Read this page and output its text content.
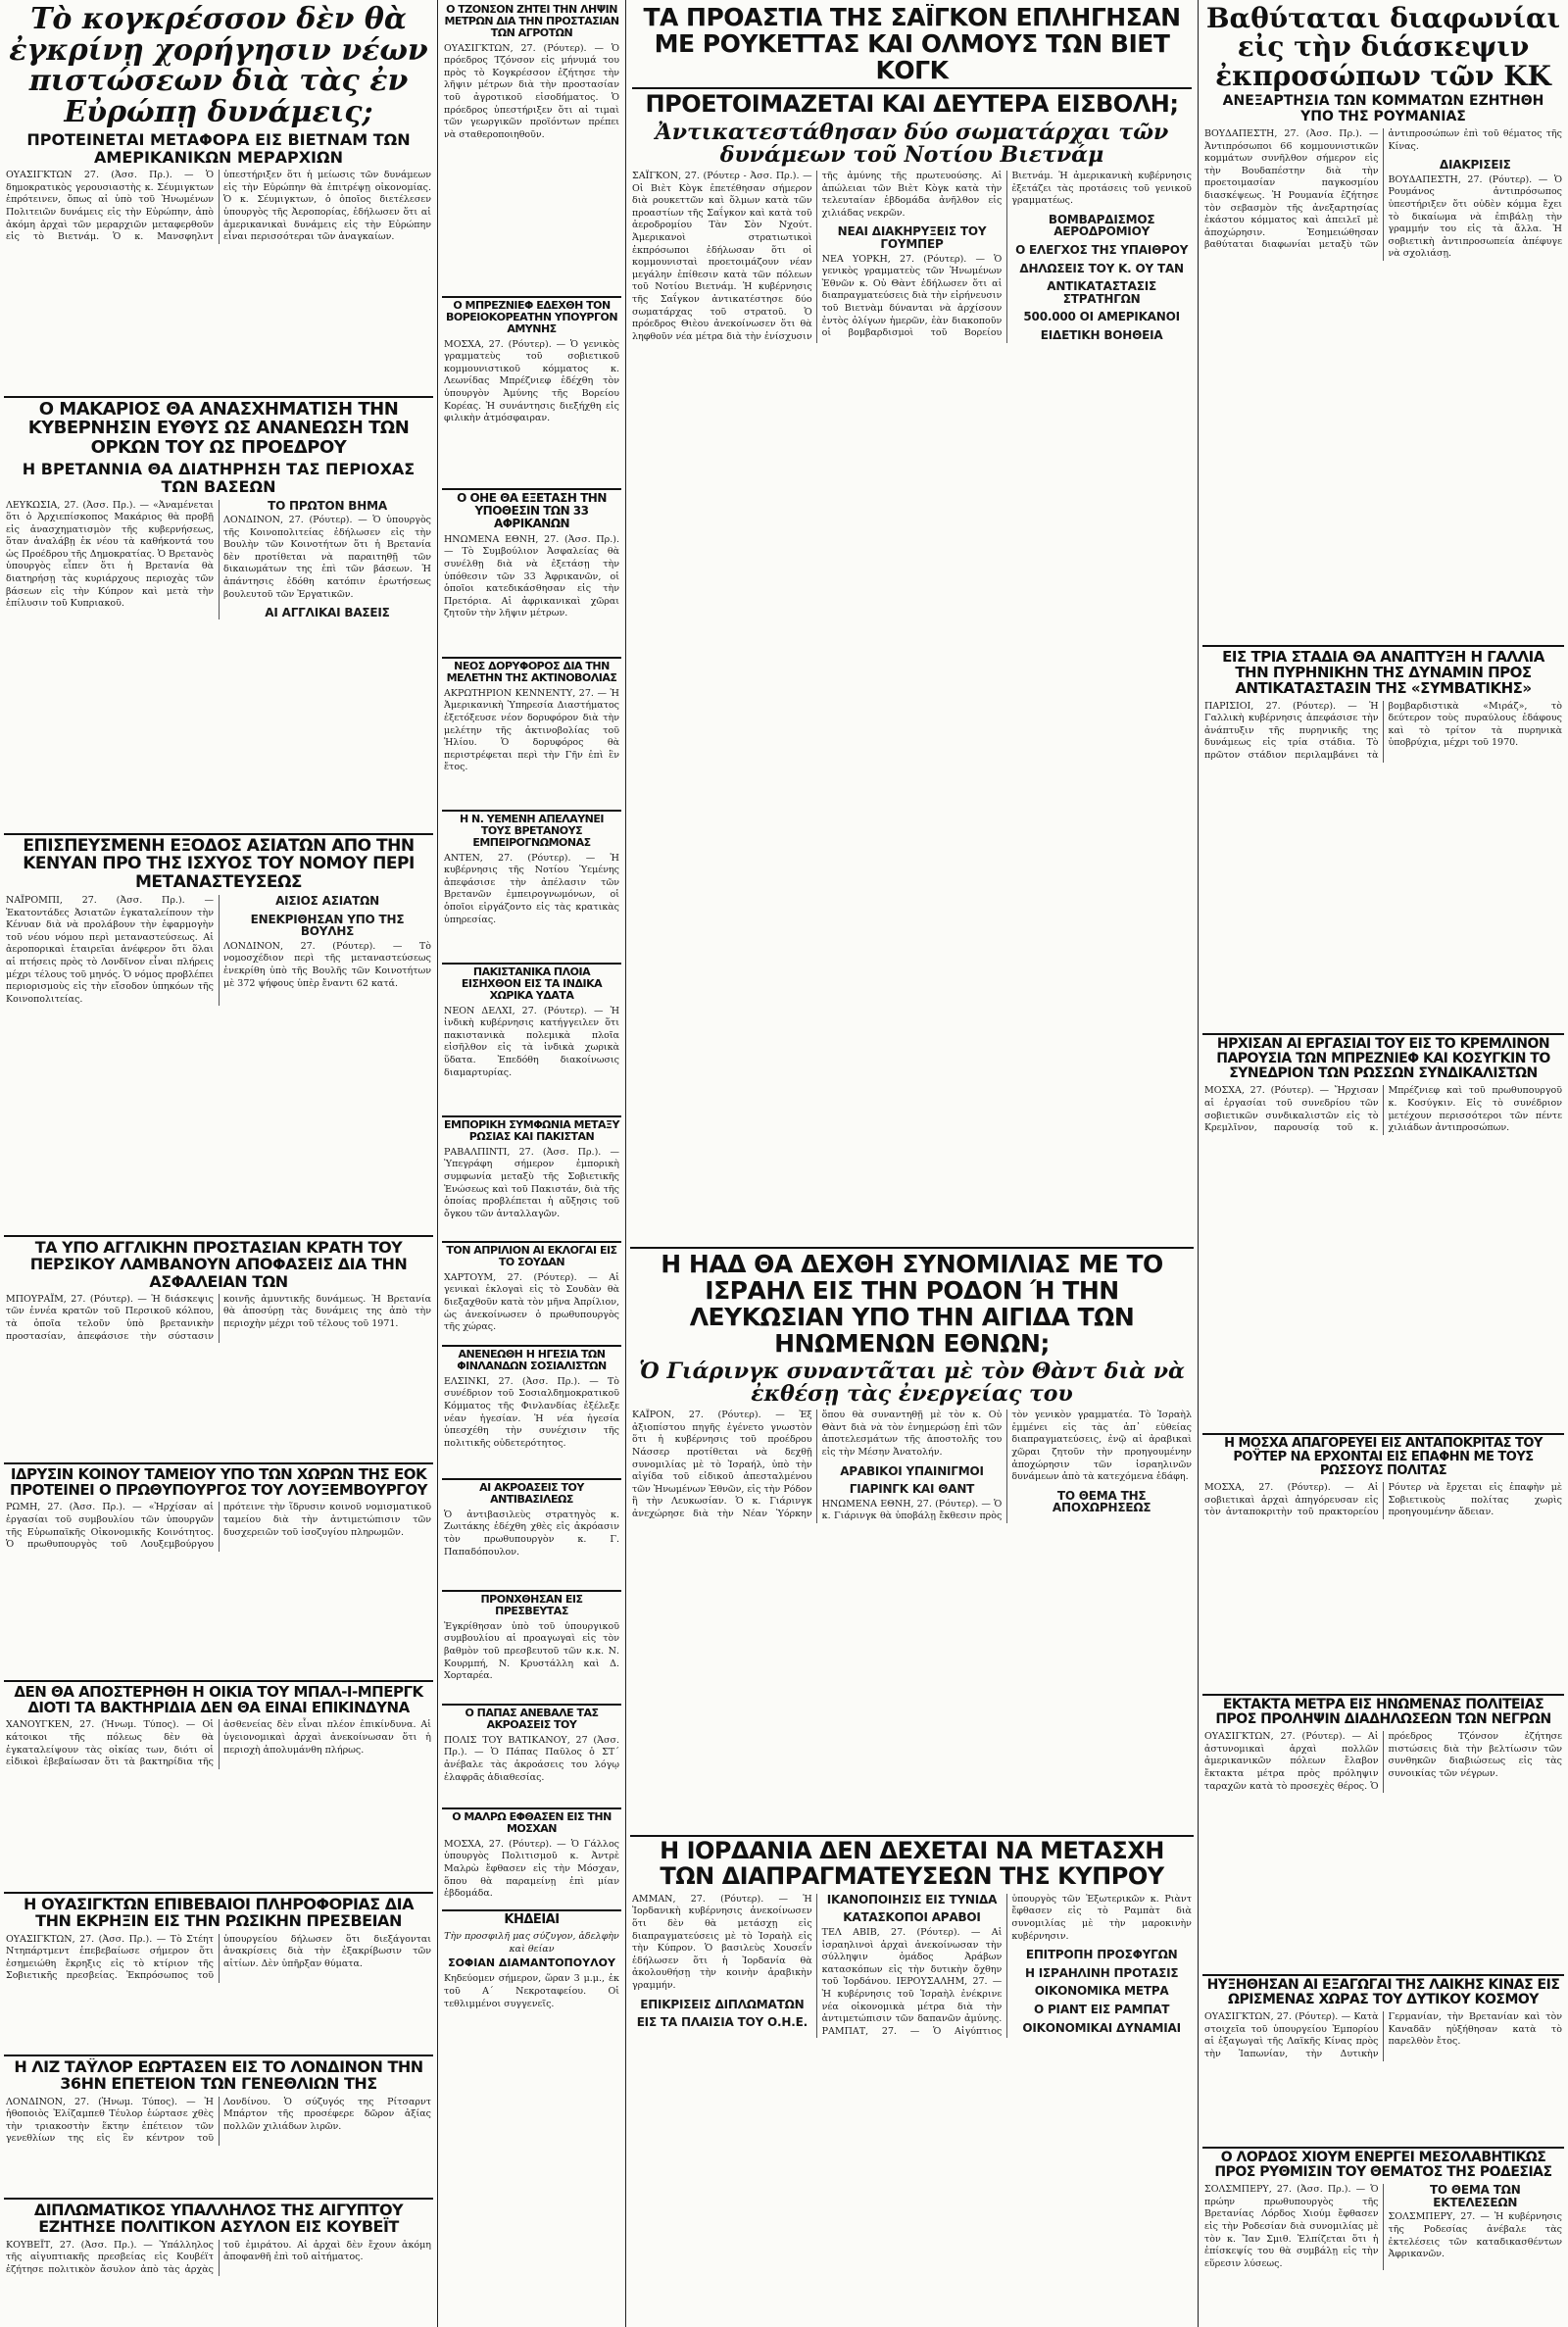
Τὸ κογκρέσσον δὲν θὰ ἐγκρίνῃ χορήγησιν νέων πιστώσεων διὰ τὰς ἐν Εὐρώπῃ δυνάμεις;
ΠΡΟΤΕΙΝΕΤΑΙ ΜΕΤΑΦΟΡΑ ΕΙΣ ΒΙΕΤΝΑΜ ΤΩΝ ΑΜΕΡΙΚΑΝΙΚΩΝ ΜΕΡΑΡΧΙΩΝ
ΟΥΑΣΙΓΚΤΩΝ 27. (Ἀσσ. Πρ.). — Ὁ δημοκρατικὸς γερουσιαστὴς κ. Σέυμιγκτων ἐπρότεινεν, ὅπως αἱ ὑπὸ τοῦ Ἡνωμένων Πολιτειῶν δυνάμεις εἰς τὴν Εὐρώπην, ἀπὸ ἀκόμη ἀρχαὶ τῶν μεραρχιῶν μεταφερθοῦν εἰς τὸ Βιετνάμ. Ὁ κ. Μανσφηλντ ὑπεστήριξεν ὅτι ἡ μείωσις τῶν δυνάμεων εἰς τὴν Εὐρώπην θὰ ἐπιτρέψῃ οἰκονομίας. Ὁ κ. Σέυμιγκτων, ὁ ὁποῖος διετέλεσεν ὑπουργὸς τῆς Ἀεροπορίας, ἐδήλωσεν ὅτι αἱ ἀμερικανικαὶ δυνάμεις εἰς τὴν Εὐρώπην εἶναι περισσότεραι τῶν ἀναγκαίων.
Ο ΜΑΚΑΡΙΟΣ ΘΑ ΑΝΑΣΧΗΜΑΤΙΣΗ ΤΗΝ ΚΥΒΕΡΝΗΣΙΝ ΕΥΘΥΣ ΩΣ ΑΝΑΝΕΩΣΗ ΤΩΝ ΟΡΚΩΝ ΤΟΥ ΩΣ ΠΡΟΕΔΡΟΥ
Η ΒΡΕΤΑΝΝΙΑ ΘΑ ΔΙΑΤΗΡΗΣΗ ΤΑΣ ΠΕΡΙΟΧΑΣ ΤΩΝ ΒΑΣΕΩΝ
ΛΕΥΚΩΣΙΑ, 27. (Ἀσσ. Πρ.). — «Ἀναμένεται ὅτι ὁ Ἀρχιεπίσκοπος Μακάριος θὰ προβῇ εἰς ἀνασχηματισμὸν τῆς κυβερνήσεως, ὅταν ἀναλάβῃ ἐκ νέου τὰ καθήκοντά του ὡς Προέδρου τῆς Δημοκρατίας. Ὁ Βρετανὸς ὑπουργὸς εἶπεν ὅτι ἡ Βρετανία θὰ διατηρήσῃ τὰς κυριάρχους περιοχὰς τῶν βάσεων εἰς τὴν Κύπρον καὶ μετὰ τὴν ἐπίλυσιν τοῦ Κυπριακοῦ.
ΤΟ ΠΡΩΤΟΝ ΒΗΜΑ
ΛΟΝΔΙΝΟΝ, 27. (Ρόυτερ). — Ὁ ὑπουργὸς τῆς Κοινοπολιτείας ἐδήλωσεν εἰς τὴν Βουλὴν τῶν Κοινοτήτων ὅτι ἡ Βρετανία δὲν προτίθεται νὰ παραιτηθῇ τῶν δικαιωμάτων της ἐπὶ τῶν βάσεων. Ἡ ἀπάντησις ἐδόθη κατόπιν ἐρωτήσεως βουλευτοῦ τῶν Ἐργατικῶν.
ΑΙ ΑΓΓΛΙΚΑΙ ΒΑΣΕΙΣ
ΕΠΙΣΠΕΥΣΜΕΝΗ ΕΞΟΔΟΣ ΑΣΙΑΤΩΝ ΑΠΟ ΤΗΝ ΚΕΝΥΑΝ ΠΡΟ ΤΗΣ ΙΣΧΥΟΣ ΤΟΥ ΝΟΜΟΥ ΠΕΡΙ ΜΕΤΑΝΑΣΤΕΥΣΕΩΣ
ΝΑΪΡΟΜΠΙ, 27. (Ἀσσ. Πρ.). — Ἑκατοντάδες Ἀσιατῶν ἐγκαταλείπουν τὴν Κένυαν διὰ νὰ προλάβουν τὴν ἐφαρμογὴν τοῦ νέου νόμου περὶ μεταναστεύσεως. Αἱ ἀεροπορικαὶ ἑταιρεῖαι ἀνέφερον ὅτι ὅλαι αἱ πτήσεις πρὸς τὸ Λονδῖνον εἶναι πλήρεις μέχρι τέλους τοῦ μηνός. Ὁ νόμος προβλέπει περιορισμοὺς εἰς τὴν εἴσοδον ὑπηκόων τῆς Κοινοπολιτείας.
ΑΙΣΙΟΣ ΑΣΙΑΤΩΝ
ΕΝΕΚΡΙΘΗΣΑΝ ΥΠΟ ΤΗΣ ΒΟΥΛΗΣ
ΛΟΝΔΙΝΟΝ, 27. (Ρόυτερ). — Τὸ νομοσχέδιον περὶ τῆς μεταναστεύσεως ἐνεκρίθη ὑπὸ τῆς Βουλῆς τῶν Κοινοτήτων μὲ 372 ψήφους ὑπὲρ ἔναντι 62 κατά.
ΤΑ ΥΠΟ ΑΓΓΛΙΚΗΝ ΠΡΟΣΤΑΣΙΑΝ ΚΡΑΤΗ ΤΟΥ ΠΕΡΣΙΚΟΥ ΛΑΜΒΑΝΟΥΝ ΑΠΟΦΑΣΕΙΣ ΔΙΑ ΤΗΝ ΑΣΦΑΛΕΙΑΝ ΤΩΝ
ΜΠΟΥΡΑΪΜ, 27. (Ρόυτερ). — Ἡ διάσκεψις τῶν ἐννέα κρατῶν τοῦ Περσικοῦ κόλπου, τὰ ὁποῖα τελοῦν ὑπὸ βρετανικὴν προστασίαν, ἀπεφάσισε τὴν σύστασιν κοινῆς ἀμυντικῆς δυνάμεως. Ἡ Βρετανία θὰ ἀποσύρῃ τὰς δυνάμεις της ἀπὸ τὴν περιοχὴν μέχρι τοῦ τέλους τοῦ 1971.
ΙΔΡΥΣΙΝ ΚΟΙΝΟΥ ΤΑΜΕΙΟΥ ΥΠΟ ΤΩΝ ΧΩΡΩΝ ΤΗΣ ΕΟΚ ΠΡΟΤΕΙΝΕΙ Ο ΠΡΩΘΥΠΟΥΡΓΟΣ ΤΟΥ ΛΟΥΞΕΜΒΟΥΡΓΟΥ
ΡΩΜΗ, 27. (Ἀσσ. Πρ.). — «Ἠρχίσαν αἱ ἐργασίαι τοῦ συμβουλίου τῶν ὑπουργῶν τῆς Εὐρωπαϊκῆς Οἰκονομικῆς Κοινότητος. Ὁ πρωθυπουργὸς τοῦ Λουξεμβούργου πρότεινε τὴν ἵδρυσιν κοινοῦ νομισματικοῦ ταμείου διὰ τὴν ἀντιμετώπισιν τῶν δυσχερειῶν τοῦ ἰσοζυγίου πληρωμῶν.
ΔΕΝ ΘΑ ΑΠΟΣΤΕΡΗΘΗ Η ΟΙΚΙΑ ΤΟΥ ΜΠΑΛ-Ι-ΜΠΕΡΓΚ ΔΙΟΤΙ ΤΑ ΒΑΚΤΗΡΙΔΙΑ ΔΕΝ ΘΑ ΕΙΝΑΙ ΕΠΙΚΙΝΔΥΝΑ
ΧΑΝΟΥΓΚΕΝ, 27. (Ἡνωμ. Τύπος). — Οἱ κάτοικοι τῆς πόλεως δὲν θὰ ἐγκαταλείψουν τὰς οἰκίας των, διότι οἱ εἰδικοὶ ἐβεβαίωσαν ὅτι τὰ βακτηρίδια τῆς ἀσθενείας δὲν εἶναι πλέον ἐπικίνδυνα. Αἱ ὑγειονομικαὶ ἀρχαὶ ἀνεκοίνωσαν ὅτι ἡ περιοχὴ ἀπολυμάνθη πλήρως.
Η ΟΥΑΣΙΓΚΤΩΝ ΕΠΙΒΕΒΑΙΟΙ ΠΛΗΡΟΦΟΡΙΑΣ ΔΙΑ ΤΗΝ ΕΚΡΗΞΙΝ ΕΙΣ ΤΗΝ ΡΩΣΙΚΗΝ ΠΡΕΣΒΕΙΑΝ
ΟΥΑΣΙΓΚΤΩΝ, 27. (Ἀσσ. Πρ.). — Τὸ Στέητ Ντηπάρτμεντ ἐπεβεβαίωσε σήμερον ὅτι ἐσημειώθη ἔκρηξις εἰς τὸ κτίριον τῆς Σοβιετικῆς πρεσβείας. Ἐκπρόσωπος τοῦ ὑπουργείου δήλωσεν ὅτι διεξάγονται ἀνακρίσεις διὰ τὴν ἐξακρίβωσιν τῶν αἰτίων. Δὲν ὑπῆρξαν θύματα.
Η ΛΙΖ ΤΑΫΛΟΡ ΕΩΡΤΑΣΕΝ ΕΙΣ ΤΟ ΛΟΝΔΙΝΟΝ ΤΗΝ 36ΗΝ ΕΠΕΤΕΙΟΝ ΤΩΝ ΓΕΝΕΘΛΙΩΝ ΤΗΣ
ΛΟΝΔΙΝΟΝ, 27. (Ἡνωμ. Τύπος). — Ἡ ἠθοποιὸς Ἐλίζαμπεθ Τέυλορ ἑώρτασε χθὲς τὴν τριακοστὴν ἕκτην ἐπέτειον τῶν γενεθλίων της εἰς ἓν κέντρον τοῦ Λονδίνου. Ὁ σύζυγός της Ρίτσαρντ Μπάρτον τῆς προσέφερε δῶρον ἀξίας πολλῶν χιλιάδων λιρῶν.
ΔΙΠΛΩΜΑΤΙΚΟΣ ΥΠΑΛΛΗΛΟΣ ΤΗΣ ΑΙΓΥΠΤΟΥ ΕΖΗΤΗΣΕ ΠΟΛΙΤΙΚΟΝ ΑΣΥΛΟΝ ΕΙΣ ΚΟΥΒΕΪΤ
ΚΟΥΒΕΪΤ, 27. (Ἀσσ. Πρ.). — Ὑπάλληλος τῆς αἰγυπτιακῆς πρεσβείας εἰς Κουβέϊτ ἐζήτησε πολιτικὸν ἄσυλον ἀπὸ τὰς ἀρχὰς τοῦ ἐμιράτου. Αἱ ἀρχαὶ δὲν ἔχουν ἀκόμη ἀποφανθῆ ἐπὶ τοῦ αἰτήματος.
Ο ΤΖΟΝΣΟΝ ΖΗΤΕΙ ΤΗΝ ΛΗΨΙΝ ΜΕΤΡΩΝ ΔΙΑ ΤΗΝ ΠΡΟΣΤΑΣΙΑΝ ΤΩΝ ΑΓΡΟΤΩΝ
ΟΥΑΣΙΓΚΤΩΝ, 27. (Ρόυτερ). — Ὁ πρόεδρος Τζόνσον εἰς μήνυμά του πρὸς τὸ Κογκρέσσον ἐζήτησε τὴν λῆψιν μέτρων διὰ τὴν προστασίαν τοῦ ἀγροτικοῦ εἰσοδήματος. Ὁ πρόεδρος ὑπεστήριξεν ὅτι αἱ τιμαὶ τῶν γεωργικῶν προϊόντων πρέπει νὰ σταθεροποιηθοῦν.
Ο ΜΠΡΕΖΝΙΕΦ ΕΔΕΧΘΗ ΤΟΝ ΒΟΡΕΙΟΚΟΡΕΑΤΗΝ ΥΠΟΥΡΓΟΝ ΑΜΥΝΗΣ
ΜΟΣΧΑ, 27. (Ρόυτερ). — Ὁ γενικὸς γραμματεὺς τοῦ σοβιετικοῦ κομμουνιστικοῦ κόμματος κ. Λεωνίδας Μπρέζνιεφ ἐδέχθη τὸν ὑπουργὸν Ἀμύνης τῆς Βορείου Κορέας. Ἡ συνάντησις διεξήχθη εἰς φιλικὴν ἀτμόσφαιραν.
Ο ΟΗΕ ΘΑ ΕΞΕΤΑΣΗ ΤΗΝ ΥΠΟΘΕΣΙΝ ΤΩΝ 33 ΑΦΡΙΚΑΝΩΝ
ΗΝΩΜΕΝΑ ΕΘΝΗ, 27. (Ἀσσ. Πρ.). — Τὸ Συμβούλιον Ἀσφαλείας θὰ συνέλθῃ διὰ νὰ ἐξετάσῃ τὴν ὑπόθεσιν τῶν 33 Ἀφρικανῶν, οἱ ὁποῖοι κατεδικάσθησαν εἰς τὴν Πρετόρια. Αἱ ἀφρικανικαὶ χῶραι ζητοῦν τὴν λῆψιν μέτρων.
ΝΕΟΣ ΔΟΡΥΦΟΡΟΣ ΔΙΑ ΤΗΝ ΜΕΛΕΤΗΝ ΤΗΣ ΑΚΤΙΝΟΒΟΛΙΑΣ
ΑΚΡΩΤΗΡΙΟΝ ΚΕΝΝΕΝΤΥ, 27. — Ἡ Ἀμερικανικὴ Ὑπηρεσία Διαστήματος ἐξετόξευσε νέον δορυφόρον διὰ τὴν μελέτην τῆς ἀκτινοβολίας τοῦ Ἡλίου. Ὁ δορυφόρος θὰ περιστρέφεται περὶ τὴν Γῆν ἐπὶ ἓν ἔτος.
Η Ν. ΥΕΜΕΝΗ ΑΠΕΛΑΥΝΕΙ ΤΟΥΣ ΒΡΕΤΑΝΟΥΣ ΕΜΠΕΙΡΟΓΝΩΜΟΝΑΣ
ΑΝΤΕΝ, 27. (Ρόυτερ). — Ἡ κυβέρνησις τῆς Νοτίου Ὑεμένης ἀπεφάσισε τὴν ἀπέλασιν τῶν Βρετανῶν ἐμπειρογνωμόνων, οἱ ὁποῖοι εἰργάζοντο εἰς τὰς κρατικὰς ὑπηρεσίας.
ΠΑΚΙΣΤΑΝΙΚΑ ΠΛΟΙΑ ΕΙΣΗΧΘΟΝ ΕΙΣ ΤΑ ΙΝΔΙΚΑ ΧΩΡΙΚΑ ΥΔΑΤΑ
ΝΕΟΝ ΔΕΛΧΙ, 27. (Ρόυτερ). — Ἡ ἰνδικὴ κυβέρνησις κατήγγειλεν ὅτι πακιστανικὰ πολεμικὰ πλοῖα εἰσῆλθον εἰς τὰ ἰνδικὰ χωρικὰ ὕδατα. Ἐπεδόθη διακοίνωσις διαμαρτυρίας.
ΕΜΠΟΡΙΚΗ ΣΥΜΦΩΝΙΑ ΜΕΤΑΞΥ ΡΩΣΙΑΣ ΚΑΙ ΠΑΚΙΣΤΑΝ
ΡΑΒΑΛΠΙΝΤΙ, 27. (Ἀσσ. Πρ.). — Ὑπεγράφη σήμερον ἐμπορικὴ συμφωνία μεταξὺ τῆς Σοβιετικῆς Ἑνώσεως καὶ τοῦ Πακιστάν, διὰ τῆς ὁποίας προβλέπεται ἡ αὔξησις τοῦ ὄγκου τῶν ἀνταλλαγῶν.
ΤΟΝ ΑΠΡΙΛΙΟΝ ΑΙ ΕΚΛΟΓΑΙ ΕΙΣ ΤΟ ΣΟΥΔΑΝ
ΧΑΡΤΟΥΜ, 27. (Ρόυτερ). — Αἱ γενικαὶ ἐκλογαὶ εἰς τὸ Σουδὰν θὰ διεξαχθοῦν κατὰ τὸν μῆνα Ἀπρίλιον, ὡς ἀνεκοίνωσεν ὁ πρωθυπουργὸς τῆς χώρας.
ΑΝΕΝΕΩΘΗ Η ΗΓΕΣΙΑ ΤΩΝ ΦΙΝΛΑΝΔΩΝ ΣΟΣΙΑΛΙΣΤΩΝ
ΕΛΣΙΝΚΙ, 27. (Ἀσσ. Πρ.). — Τὸ συνέδριον τοῦ Σοσιαλδημοκρατικοῦ Κόμματος τῆς Φινλανδίας ἐξέλεξε νέαν ἡγεσίαν. Ἡ νέα ἡγεσία ὑπεσχέθη τὴν συνέχισιν τῆς πολιτικῆς οὐδετερότητος.
ΑΙ ΑΚΡΟΑΣΕΙΣ ΤΟΥ ΑΝΤΙΒΑΣΙΛΕΩΣ
Ὁ ἀντιβασιλεὺς στρατηγὸς κ. Ζωιτάκης ἐδέχθη χθὲς εἰς ἀκρόασιν τὸν πρωθυπουργὸν κ. Γ. Παπαδόπουλον.
ΠΡΟΝΧΘΗΣΑΝ ΕΙΣ ΠΡΕΣΒΕΥΤΑΣ
Ἐγκρίθησαν ὑπὸ τοῦ ὑπουργικοῦ συμβουλίου αἱ προαγωγαὶ εἰς τὸν βαθμὸν τοῦ πρεσβευτοῦ τῶν κ.κ. Ν. Κουρμπή, Ν. Κρυστάλλη καὶ Δ. Χορταρέα.
Ο ΠΑΠΑΣ ΑΝΕΒΑΛΕ ΤΑΣ ΑΚΡΟΑΣΕΙΣ ΤΟΥ
ΠΟΛΙΣ ΤΟΥ ΒΑΤΙΚΑΝΟΥ, 27 (Ἀσσ. Πρ.). — Ὁ Πάπας Παῦλος ὁ ΣΤ΄ ἀνέβαλε τὰς ἀκροάσεις του λόγῳ ἐλαφρᾶς ἀδιαθεσίας.
Ο ΜΑΛΡΩ ΕΦΘΑΣΕΝ ΕΙΣ ΤΗΝ ΜΟΣΧΑΝ
ΜΟΣΧΑ, 27. (Ρόυτερ). — Ὁ Γάλλος ὑπουργὸς Πολιτισμοῦ κ. Ἀντρὲ Μαλρὼ ἔφθασεν εἰς τὴν Μόσχαν, ὅπου θὰ παραμείνῃ ἐπὶ μίαν ἑβδομάδα.
ΚΗΔΕΙΑΙ
Τὴν προσφιλῆ μας σύζυγον, ἀδελφὴν καὶ θείαν
ΣΟΦΙΑΝ ΔΙΑΜΑΝΤΟΠΟΥΛΟΥ
Κηδεύομεν σήμερον, ὥραν 3 μ.μ., ἐκ τοῦ Α΄ Νεκροταφείου. Οἱ τεθλιμμένοι συγγενεῖς.
ΤΑ ΠΡΟΑΣΤΙΑ ΤΗΣ ΣΑΪΓΚΟΝ ΕΠΛΗΓΗΣΑΝ ΜΕ ΡΟΥΚΕΤΤΑΣ ΚΑΙ ΟΛΜΟΥΣ ΤΩΝ ΒΙΕΤ ΚΟΓΚ
ΠΡΟΕΤΟΙΜΑΖΕΤΑΙ ΚΑΙ ΔΕΥΤΕΡΑ ΕΙΣΒΟΛΗ;
Ἀντικατεστάθησαν δύο σωματάρχαι τῶν δυνάμεων τοῦ Νοτίου Βιετνάμ
ΣΑΪΓΚΟΝ, 27. (Ρόυτερ - Ἀσσ. Πρ.). — Οἱ Βιὲτ Κὸγκ ἐπετέθησαν σήμερον διὰ ρουκεττῶν καὶ ὅλμων κατὰ τῶν προαστίων τῆς Σαΐγκον καὶ κατὰ τοῦ ἀεροδρομίου Τὰν Σὸν Νχούτ. Ἀμερικανοὶ στρατιωτικοὶ ἐκπρόσωποι ἐδήλωσαν ὅτι οἱ κομμουνισταὶ προετοιμάζουν νέαν μεγάλην ἐπίθεσιν κατὰ τῶν πόλεων τοῦ Νοτίου Βιετνάμ. Ἡ κυβέρνησις τῆς Σαΐγκον ἀντικατέστησε δύο σωματάρχας τοῦ στρατοῦ. Ὁ πρόεδρος Θιὲου ἀνεκοίνωσεν ὅτι θὰ ληφθοῦν νέα μέτρα διὰ τὴν ἐνίσχυσιν τῆς ἀμύνης τῆς πρωτευούσης. Αἱ ἀπώλειαι τῶν Βιὲτ Κὸγκ κατὰ τὴν τελευταίαν ἑβδομάδα ἀνῆλθον εἰς χιλιάδας νεκρῶν.
ΝΕΑΙ ΔΙΑΚΗΡΥΞΕΙΣ ΤΟΥ ΓΟΥΜΠΕΡ
ΝΕΑ ΥΟΡΚΗ, 27. (Ρόυτερ). — Ὁ γενικὸς γραμματεὺς τῶν Ἡνωμένων Ἐθνῶν κ. Οὐ Θὰντ ἐδήλωσεν ὅτι αἱ διαπραγματεύσεις διὰ τὴν εἰρήνευσιν τοῦ Βιετνὰμ δύνανται νὰ ἀρχίσουν ἐντὸς ὀλίγων ἡμερῶν, ἐὰν διακοποῦν οἱ βομβαρδισμοὶ τοῦ Βορείου Βιετνάμ. Ἡ ἀμερικανικὴ κυβέρνησις ἐξετάζει τὰς προτάσεις τοῦ γενικοῦ γραμματέως.
ΒΟΜΒΑΡΔΙΣΜΟΣ ΑΕΡΟΔΡΟΜΙΟΥ
Ο ΕΛΕΓΧΟΣ ΤΗΣ ΥΠΑΙΘΡΟΥ
ΔΗΛΩΣΕΙΣ ΤΟΥ Κ. ΟΥ ΤΑΝ
ΑΝΤΙΚΑΤΑΣΤΑΣΙΣ ΣΤΡΑΤΗΓΩΝ
500.000 ΟΙ ΑΜΕΡΙΚΑΝΟΙ
ΕΙΔΕΤΙΚΗ ΒΟΗΘΕΙΑ
Η ΗΑΔ ΘΑ ΔΕΧΘΗ ΣΥΝΟΜΙΛΙΑΣ ΜΕ ΤΟ ΙΣΡΑΗΛ ΕΙΣ ΤΗΝ ΡΟΔΟΝ Ή ΤΗΝ ΛΕΥΚΩΣΙΑΝ ΥΠΟ ΤΗΝ ΑΙΓΙΔΑ ΤΩΝ ΗΝΩΜΕΝΩΝ ΕΘΝΩΝ;
Ὁ Γιάρινγκ συναντᾶται μὲ τὸν Θὰντ διὰ νὰ ἐκθέσῃ τὰς ἐνεργείας του
ΚΑΪΡΟΝ, 27. (Ρόυτερ). — Ἐξ ἀξιοπίστου πηγῆς ἐγένετο γνωστὸν ὅτι ἡ κυβέρνησις τοῦ προέδρου Νάσσερ προτίθεται νὰ δεχθῇ συνομιλίας μὲ τὸ Ἰσραήλ, ὑπὸ τὴν αἰγίδα τοῦ εἰδικοῦ ἀπεσταλμένου τῶν Ἡνωμένων Ἐθνῶν, εἰς τὴν Ρόδον ἢ τὴν Λευκωσίαν. Ὁ κ. Γιάρινγκ ἀνεχώρησε διὰ τὴν Νέαν Ὑόρκην ὅπου θὰ συναντηθῇ μὲ τὸν κ. Οὐ Θὰντ διὰ νὰ τὸν ἐνημερώσῃ ἐπὶ τῶν ἀποτελεσμάτων τῆς ἀποστολῆς του εἰς τὴν Μέσην Ἀνατολήν.
ΑΡΑΒΙΚΟΙ ΥΠΑΙΝΙΓΜΟΙ
ΓΙΑΡΙΝΓΚ ΚΑΙ ΘΑΝΤ
ΗΝΩΜΕΝΑ ΕΘΝΗ, 27. (Ρόυτερ). — Ὁ κ. Γιάρινγκ θὰ ὑποβάλῃ ἔκθεσιν πρὸς τὸν γενικὸν γραμματέα. Τὸ Ἰσραὴλ ἐμμένει εἰς τὰς ἀπ᾽ εὐθείας διαπραγματεύσεις, ἐνῷ αἱ ἀραβικαὶ χῶραι ζητοῦν τὴν προηγουμένην ἀποχώρησιν τῶν ἰσραηλινῶν δυνάμεων ἀπὸ τὰ κατεχόμενα ἐδάφη.
ΤΟ ΘΕΜΑ ΤΗΣ ΑΠΟΧΩΡΗΣΕΩΣ
Η ΙΟΡΔΑΝΙΑ ΔΕΝ ΔΕΧΕΤΑΙ ΝΑ ΜΕΤΑΣΧΗ ΤΩΝ ΔΙΑΠΡΑΓΜΑΤΕΥΣΕΩΝ ΤΗΣ ΚΥΠΡΟΥ
ΑΜΜΑΝ, 27. (Ρόυτερ). — Ἡ Ἰορδανικὴ κυβέρνησις ἀνεκοίνωσεν ὅτι δὲν θὰ μετάσχῃ εἰς διαπραγματεύσεις μὲ τὸ Ἰσραὴλ εἰς τὴν Κύπρον. Ὁ βασιλεὺς Χουσεΐν ἐδήλωσεν ὅτι ἡ Ἰορδανία θὰ ἀκολουθήσῃ τὴν κοινὴν ἀραβικὴν γραμμήν.
ΕΠΙΚΡΙΣΕΙΣ ΔΙΠΛΩΜΑΤΩΝ
ΕΙΣ ΤΑ ΠΛΑΙΣΙΑ ΤΟΥ Ο.Η.Ε.
ΙΚΑΝΟΠΟΙΗΣΙΣ ΕΙΣ ΤΥΝΙΔΑ
ΚΑΤΑΣΚΟΠΟΙ ΑΡΑΒΟΙ
ΤΕΛ ΑΒΙΒ, 27. (Ρόυτερ). — Αἱ ἰσραηλινοὶ ἀρχαὶ ἀνεκοίνωσαν τὴν σύλληψιν ὁμάδος Ἀράβων κατασκόπων εἰς τὴν δυτικὴν ὄχθην τοῦ Ἰορδάνου. ΙΕΡΟΥΣΑΛΗΜ, 27. — Ἡ κυβέρνησις τοῦ Ἰσραὴλ ἐνέκρινε νέα οἰκονομικὰ μέτρα διὰ τὴν ἀντιμετώπισιν τῶν δαπανῶν ἀμύνης. ΡΑΜΠΑΤ, 27. — Ὁ Αἰγύπτιος ὑπουργὸς τῶν Ἐξωτερικῶν κ. Ριὰντ ἔφθασεν εἰς τὸ Ραμπὰτ διὰ συνομιλίας μὲ τὴν μαροκινὴν κυβέρνησιν.
ΕΠΙΤΡΟΠΗ ΠΡΟΣΦΥΓΩΝ
Η ΙΣΡΑΗΛΙΝΗ ΠΡΟΤΑΣΙΣ
ΟΙΚΟΝΟΜΙΚΑ ΜΕΤΡΑ
Ο ΡΙΑΝΤ ΕΙΣ ΡΑΜΠΑΤ
ΟΙΚΟΝΟΜΙΚΑΙ ΔΥΝΑΜΙΑΙ
Βαθύταται διαφωνίαι εἰς τὴν διάσκεψιν ἐκπροσώπων τῶν ΚΚ
ΑΝΕΞΑΡΤΗΣΙΑ ΤΩΝ ΚΟΜΜΑΤΩΝ ΕΖΗΤΗΘΗ ΥΠΟ ΤΗΣ ΡΟΥΜΑΝΙΑΣ
ΒΟΥΔΑΠΕΣΤΗ, 27. (Ἀσσ. Πρ.). — Ἀντιπρόσωποι 66 κομμουνιστικῶν κομμάτων συνῆλθον σήμερον εἰς τὴν Βουδαπέστην διὰ τὴν προετοιμασίαν παγκοσμίου διασκέψεως. Ἡ Ρουμανία ἐζήτησε τὸν σεβασμὸν τῆς ἀνεξαρτησίας ἑκάστου κόμματος καὶ ἀπειλεῖ μὲ ἀποχώρησιν. Ἐσημειώθησαν βαθύταται διαφωνίαι μεταξὺ τῶν ἀντιπροσώπων ἐπὶ τοῦ θέματος τῆς Κίνας.
ΔΙΑΚΡΙΣΕΙΣ
ΒΟΥΔΑΠΕΣΤΗ, 27. (Ρόυτερ). — Ὁ Ρουμάνος ἀντιπρόσωπος ὑπεστήριξεν ὅτι οὐδὲν κόμμα ἔχει τὸ δικαίωμα νὰ ἐπιβάλῃ τὴν γραμμήν του εἰς τὰ ἄλλα. Ἡ σοβιετικὴ ἀντιπροσωπεία ἀπέφυγε νὰ σχολιάσῃ.
ΕΙΣ ΤΡΙΑ ΣΤΑΔΙΑ ΘΑ ΑΝΑΠΤΥΞΗ Η ΓΑΛΛΙΑ ΤΗΝ ΠΥΡΗΝΙΚΗΝ ΤΗΣ ΔΥΝΑΜΙΝ ΠΡΟΣ ΑΝΤΙΚΑΤΑΣΤΑΣΙΝ ΤΗΣ «ΣΥΜΒΑΤΙΚΗΣ»
ΠΑΡΙΣΙΟΙ, 27. (Ρόυτερ). — Ἡ Γαλλικὴ κυβέρνησις ἀπεφάσισε τὴν ἀνάπτυξιν τῆς πυρηνικῆς της δυνάμεως εἰς τρία στάδια. Τὸ πρῶτον στάδιον περιλαμβάνει τὰ βομβαρδιστικὰ «Μιράζ», τὸ δεύτερον τοὺς πυραύλους ἐδάφους καὶ τὸ τρίτον τὰ πυρηνικὰ ὑποβρύχια, μέχρι τοῦ 1970.
ΗΡΧΙΣΑΝ ΑΙ ΕΡΓΑΣΙΑΙ ΤΟΥ ΕΙΣ ΤΟ ΚΡΕΜΛΙΝΟΝ ΠΑΡΟΥΣΙΑ ΤΩΝ ΜΠΡΕΖΝΙΕΦ ΚΑΙ ΚΟΣΥΓΚΙΝ ΤΟ ΣΥΝΕΔΡΙΟΝ ΤΩΝ ΡΩΣΣΩΝ ΣΥΝΔΙΚΑΛΙΣΤΩΝ
ΜΟΣΧΑ, 27. (Ρόυτερ). — Ἤρχισαν αἱ ἐργασίαι τοῦ συνεδρίου τῶν σοβιετικῶν συνδικαλιστῶν εἰς τὸ Κρεμλῖνον, παρουσίᾳ τοῦ κ. Μπρέζνιεφ καὶ τοῦ πρωθυπουργοῦ κ. Κοσύγκιν. Εἰς τὸ συνέδριον μετέχουν περισσότεροι τῶν πέντε χιλιάδων ἀντιπροσώπων.
Η ΜΟΣΧΑ ΑΠΑΓΟΡΕΥΕΙ ΕΙΣ ΑΝΤΑΠΟΚΡΙΤΑΣ ΤΟΥ ΡΟΫΤΕΡ ΝΑ ΕΡΧΟΝΤΑΙ ΕΙΣ ΕΠΑΦΗΝ ΜΕ ΤΟΥΣ ΡΩΣΣΟΥΣ ΠΟΛΙΤΑΣ
ΜΟΣΧΑ, 27. (Ρόυτερ). — Αἱ σοβιετικαὶ ἀρχαὶ ἀπηγόρευσαν εἰς τὸν ἀνταποκριτὴν τοῦ πρακτορείου Ρόυτερ νὰ ἔρχεται εἰς ἐπαφὴν μὲ Σοβιετικοὺς πολίτας χωρὶς προηγουμένην ἄδειαν.
ΕΚΤΑΚΤΑ ΜΕΤΡΑ ΕΙΣ ΗΝΩΜΕΝΑΣ ΠΟΛΙΤΕΙΑΣ ΠΡΟΣ ΠΡΟΛΗΨΙΝ ΔΙΑΔΗΛΩΣΕΩΝ ΤΩΝ ΝΕΓΡΩΝ
ΟΥΑΣΙΓΚΤΩΝ, 27. (Ρόυτερ). — Αἱ ἀστυνομικαὶ ἀρχαὶ πολλῶν ἀμερικανικῶν πόλεων ἔλαβον ἔκτακτα μέτρα πρὸς πρόληψιν ταραχῶν κατὰ τὸ προσεχὲς θέρος. Ὁ πρόεδρος Τζόνσον ἐζήτησε πιστώσεις διὰ τὴν βελτίωσιν τῶν συνθηκῶν διαβιώσεως εἰς τὰς συνοικίας τῶν νέγρων.
ΗΥΞΗΘΗΣΑΝ ΑΙ ΕΞΑΓΩΓΑΙ ΤΗΣ ΛΑΪΚΗΣ ΚΙΝΑΣ ΕΙΣ ΩΡΙΣΜΕΝΑΣ ΧΩΡΑΣ ΤΟΥ ΔΥΤΙΚΟΥ ΚΟΣΜΟΥ
ΟΥΑΣΙΓΚΤΩΝ, 27. (Ρόυτερ). — Κατὰ στοιχεῖα τοῦ ὑπουργείου Ἐμπορίου αἱ ἐξαγωγαὶ τῆς Λαϊκῆς Κίνας πρὸς τὴν Ἰαπωνίαν, τὴν Δυτικὴν Γερμανίαν, τὴν Βρετανίαν καὶ τὸν Καναδᾶν ηὐξήθησαν κατὰ τὸ παρελθὸν ἔτος.
Ο ΛΟΡΔΟΣ ΧΙΟΥΜ ΕΝΕΡΓΕΙ ΜΕΣΟΛΑΒΗΤΙΚΩΣ ΠΡΟΣ ΡΥΘΜΙΣΙΝ ΤΟΥ ΘΕΜΑΤΟΣ ΤΗΣ ΡΟΔΕΣΙΑΣ
ΣΟΛΣΜΠΕΡΥ, 27. (Ἀσσ. Πρ.). — Ὁ πρώην πρωθυπουργὸς τῆς Βρετανίας Λόρδος Χιούμ ἔφθασεν εἰς τὴν Ροδεσίαν διὰ συνομιλίας μὲ τὸν κ. Ἴαν Σμιθ. Ἐλπίζεται ὅτι ἡ ἐπίσκεψίς του θὰ συμβάλῃ εἰς τὴν εὕρεσιν λύσεως.
ΤΟ ΘΕΜΑ ΤΩΝ ΕΚΤΕΛΕΣΕΩΝ
ΣΟΛΣΜΠΕΡΥ, 27. — Ἡ κυβέρνησις τῆς Ροδεσίας ἀνέβαλε τὰς ἐκτελέσεις τῶν καταδικασθέντων Ἀφρικανῶν.
